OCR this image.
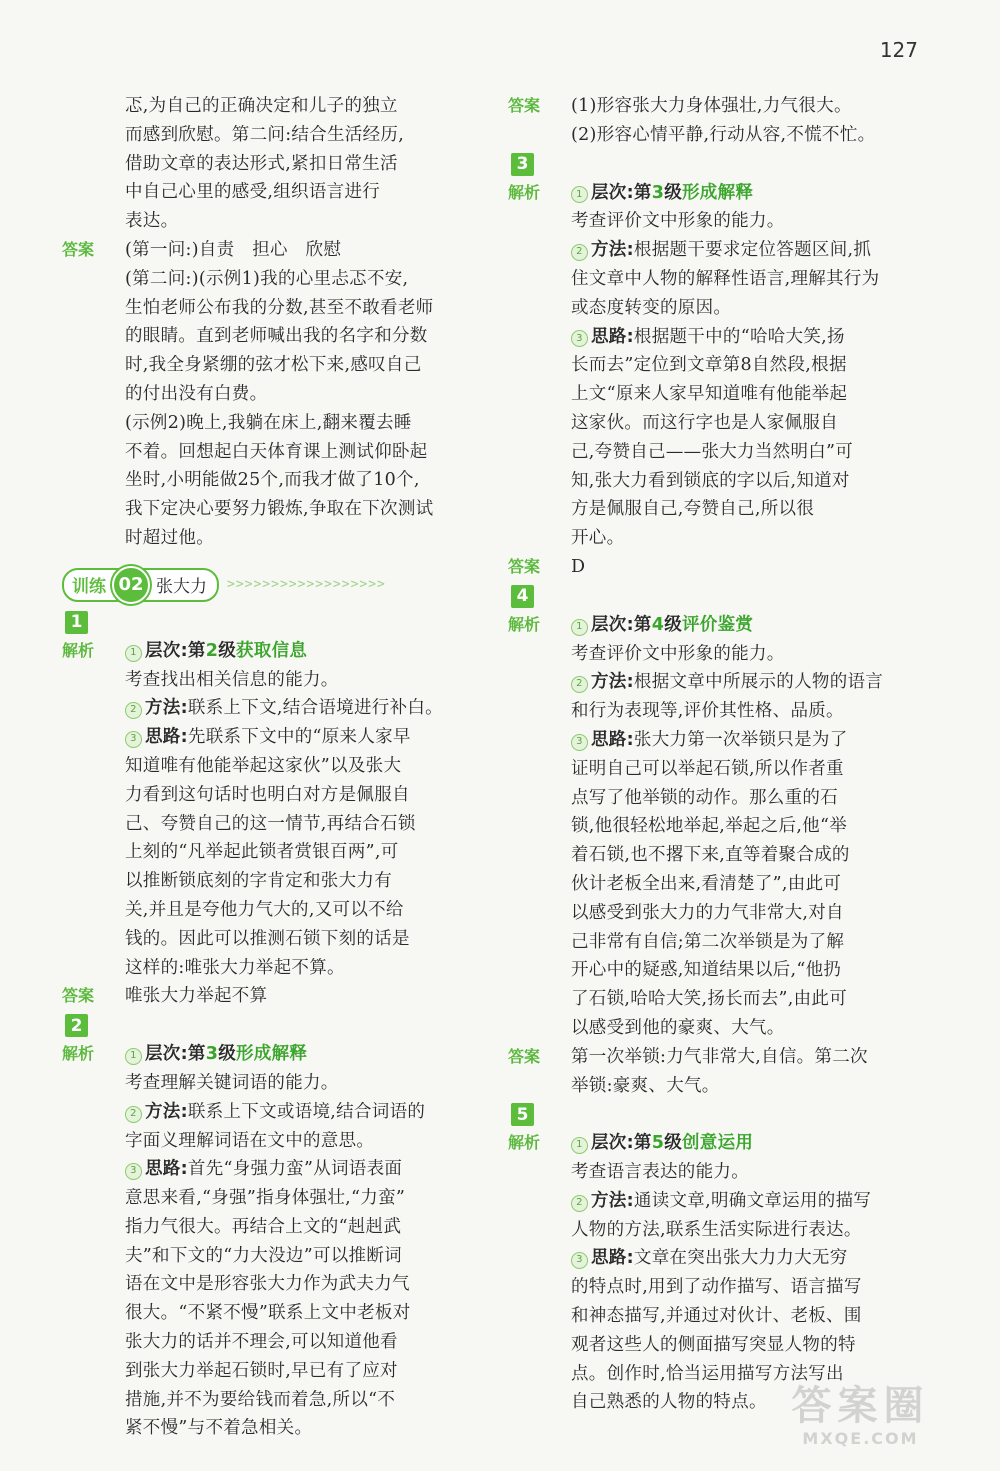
127
忑,为自己的正确决定和儿子的独立
而感到欣慰。第二问:结合生活经历,
借助文章的表达形式,紧扣日常生活
中自己心里的感受,组织语言进行
表达。
答案 (第一问:)自责　担心　欣慰
(第二问:)(示例1)我的心里忐忑不安,
生怕老师公布我的分数,甚至不敢看老师
的眼睛。直到老师喊出我的名字和分数
时,我全身紧绷的弦才松下来,感叹自己
的付出没有白费。
(示例2)晚上,我躺在床上,翻来覆去睡
不着。回想起白天体育课上测试仰卧起
坐时,小明能做25个,而我才做了10个,
我下定决心要努力锻炼,争取在下次测试
时超过他。
训练 02 张大力 >>>>>>>>>>>>>>>>>>
1
解析	1 层次:第2级获取信息
考查找出相关信息的能力。
2 方法:联系上下文,结合语境进行补白。
3 思路:先联系下文中的“原来人家早
知道唯有他能举起这家伙”以及张大
力看到这句话时也明白对方是佩服自
己、夸赞自己的这一情节,再结合石锁
上刻的“凡举起此锁者赏银百两”,可
以推断锁底刻的字肯定和张大力有
关,并且是夸他力气大的,又可以不给
钱的。因此可以推测石锁下刻的话是
这样的:唯张大力举起不算。
答案 唯张大力举起不算
2
解析	1 层次:第3级形成解释
考查理解关键词语的能力。
2 方法:联系上下文或语境,结合词语的
字面义理解词语在文中的意思。
3 思路:首先“身强力蛮”从词语表面
意思来看,“身强”指身体强壮,“力蛮”
指力气很大。再结合上文的“赳赳武
夫”和下文的“力大没边”可以推断词
语在文中是形容张大力作为武夫力气
很大。“不紧不慢”联系上文中老板对
张大力的话并不理会,可以知道他看
到张大力举起石锁时,早已有了应对
措施,并不为要给钱而着急,所以“不
紧不慢”与不着急相关。
答案 (1)形容张大力身体强壮,力气很大。
(2)形容心情平静,行动从容,不慌不忙。
3
解析	1 层次:第3级形成解释
考查评价文中形象的能力。
2 方法:根据题干要求定位答题区间,抓
住文章中人物的解释性语言,理解其行为
或态度转变的原因。
3 思路:根据题干中的“哈哈大笑,扬
长而去”定位到文章第8自然段,根据
上文“原来人家早知道唯有他能举起
这家伙。而这行字也是人家佩服自
己,夸赞自己——张大力当然明白”可
知,张大力看到锁底的字以后,知道对
方是佩服自己,夸赞自己,所以很
开心。
答案 D
4
解析	1 层次:第4级评价鉴赏
考查评价文中形象的能力。
2 方法:根据文章中所展示的人物的语言
和行为表现等,评价其性格、品质。
3 思路:张大力第一次举锁只是为了
证明自己可以举起石锁,所以作者重
点写了他举锁的动作。那么重的石
锁,他很轻松地举起,举起之后,他“举
着石锁,也不撂下来,直等着聚合成的
伙计老板全出来,看清楚了”,由此可
以感受到张大力的力气非常大,对自
己非常有自信;第二次举锁是为了解
开心中的疑惑,知道结果以后,“他扔
了石锁,哈哈大笑,扬长而去”,由此可
以感受到他的豪爽、大气。
答案 第一次举锁:力气非常大,自信。第二次
举锁:豪爽、大气。
5
解析	1 层次:第5级创意运用
考查语言表达的能力。
2 方法:通读文章,明确文章运用的描写
人物的方法,联系生活实际进行表达。
3 思路:文章在突出张大力力大无穷
的特点时,用到了动作描写、语言描写
和神态描写,并通过对伙计、老板、围
观者这些人的侧面描写突显人物的特
点。创作时,恰当运用描写方法写出
自己熟悉的人物的特点。 答案圈
MXQE.COM
